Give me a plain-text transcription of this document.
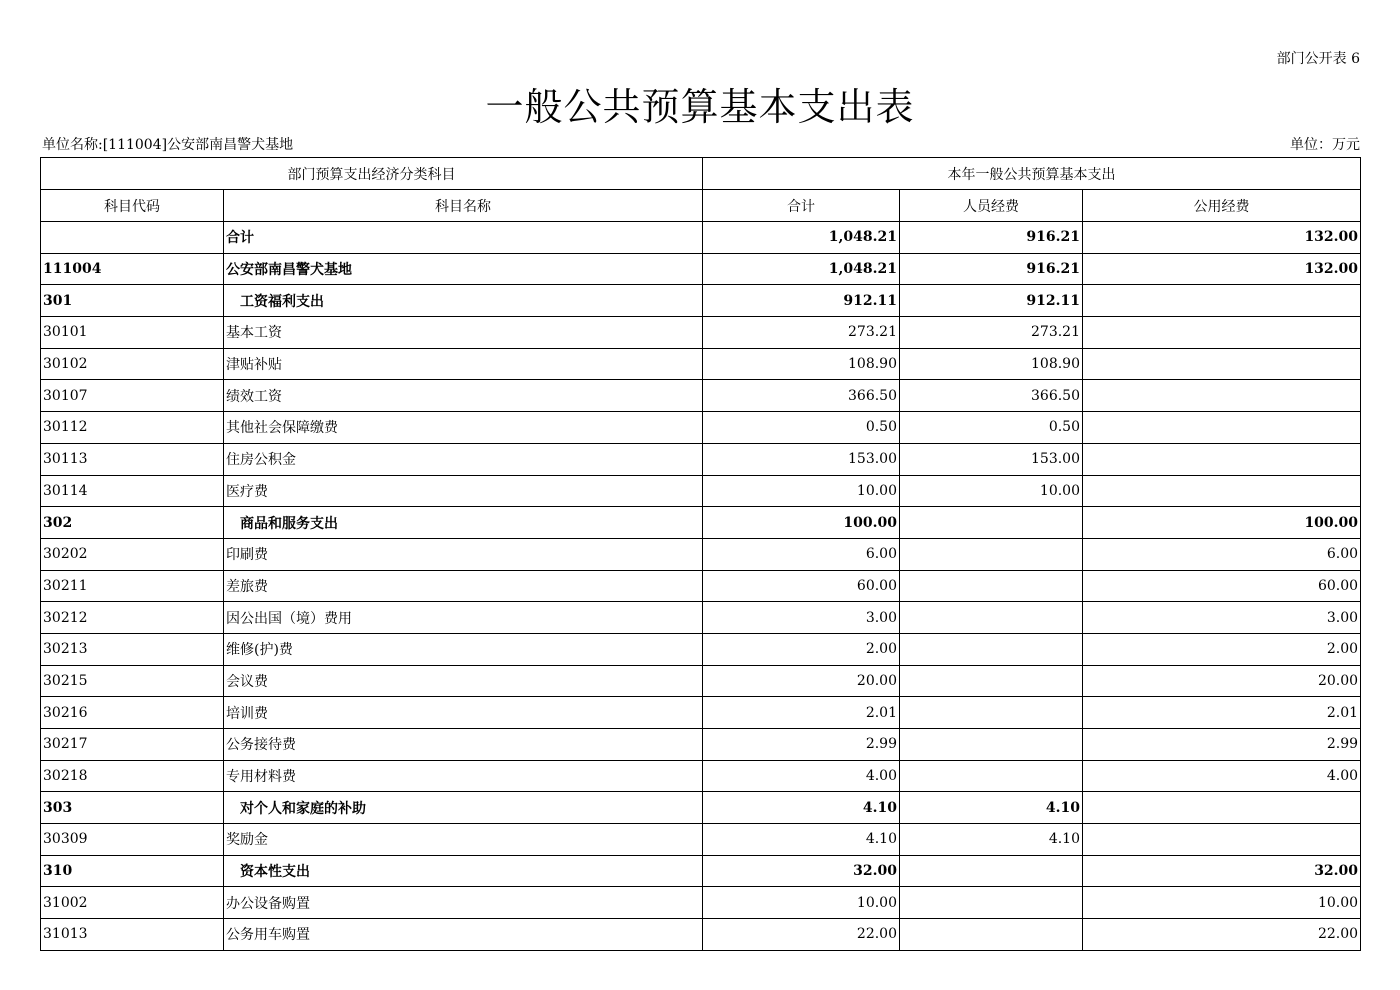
部门公开表 6
一般公共预算基本支出表
单位名称:[111004]公安部南昌警犬基地	单位：万元
部门预算支出经济分类科目		本年一般公共预算基本支出		
科目代码	科目名称	合计	人员经费	公用经费
	合计	1,048.21	916.21	132.00
111004	公安部南昌警犬基地	1,048.21	916.21	132.00
301	工资福利支出	912.11	912.11	
30101	基本工资	273.21	273.21	
30102	津贴补贴	108.90	108.90	
30107	绩效工资	366.50	366.50	
30112	其他社会保障缴费	0.50	0.50	
30113	住房公积金	153.00	153.00	
30114	医疗费	10.00	10.00	
302	商品和服务支出	100.00		100.00
30202	印刷费	6.00		6.00
30211	差旅费	60.00		60.00
30212	因公出国（境）费用	3.00		3.00
30213	维修(护)费	2.00		2.00
30215	会议费	20.00		20.00
30216	培训费	2.01		2.01
30217	公务接待费	2.99		2.99
30218	专用材料费	4.00		4.00
303	对个人和家庭的补助	4.10	4.10	
30309	奖励金	4.10	4.10	
310	资本性支出	32.00		32.00
31002	办公设备购置	10.00		10.00
31013	公务用车购置	22.00		22.00
